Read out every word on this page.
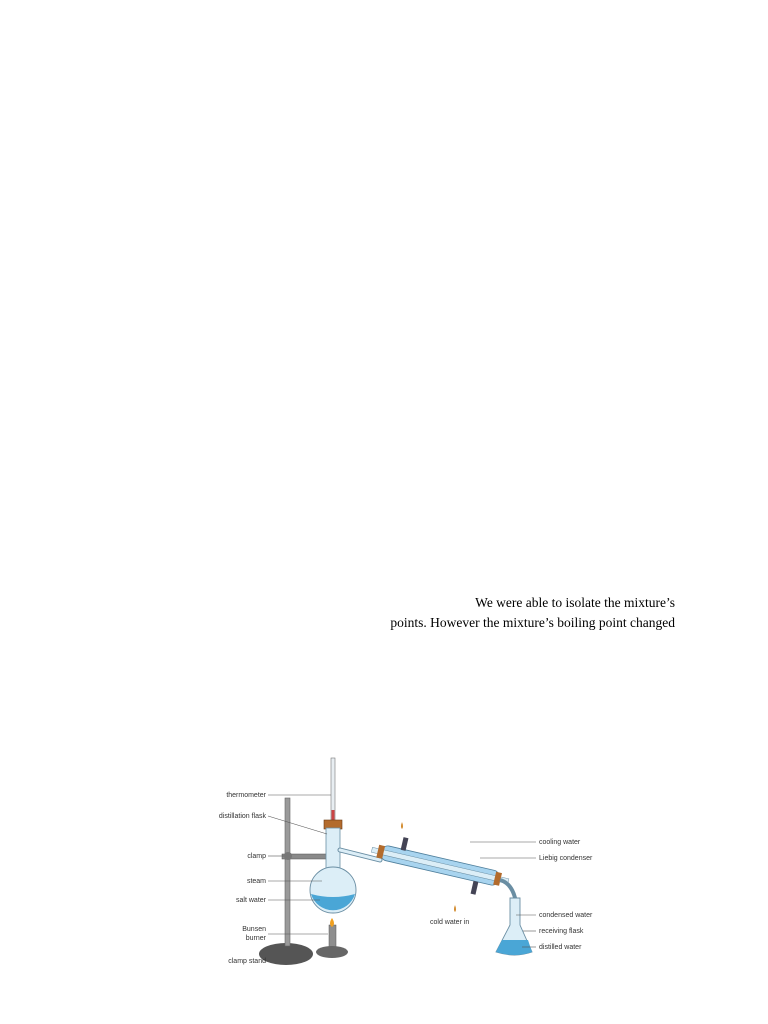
We were able to isolate the mixture’s
points. However the mixture’s boiling point changed
thermometer
distillation flask
clamp
steam
salt water
Bunsen
burner
clamp stand
cooling water
Liebig condenser
cold water in
condensed water
receiving flask
distilled water
